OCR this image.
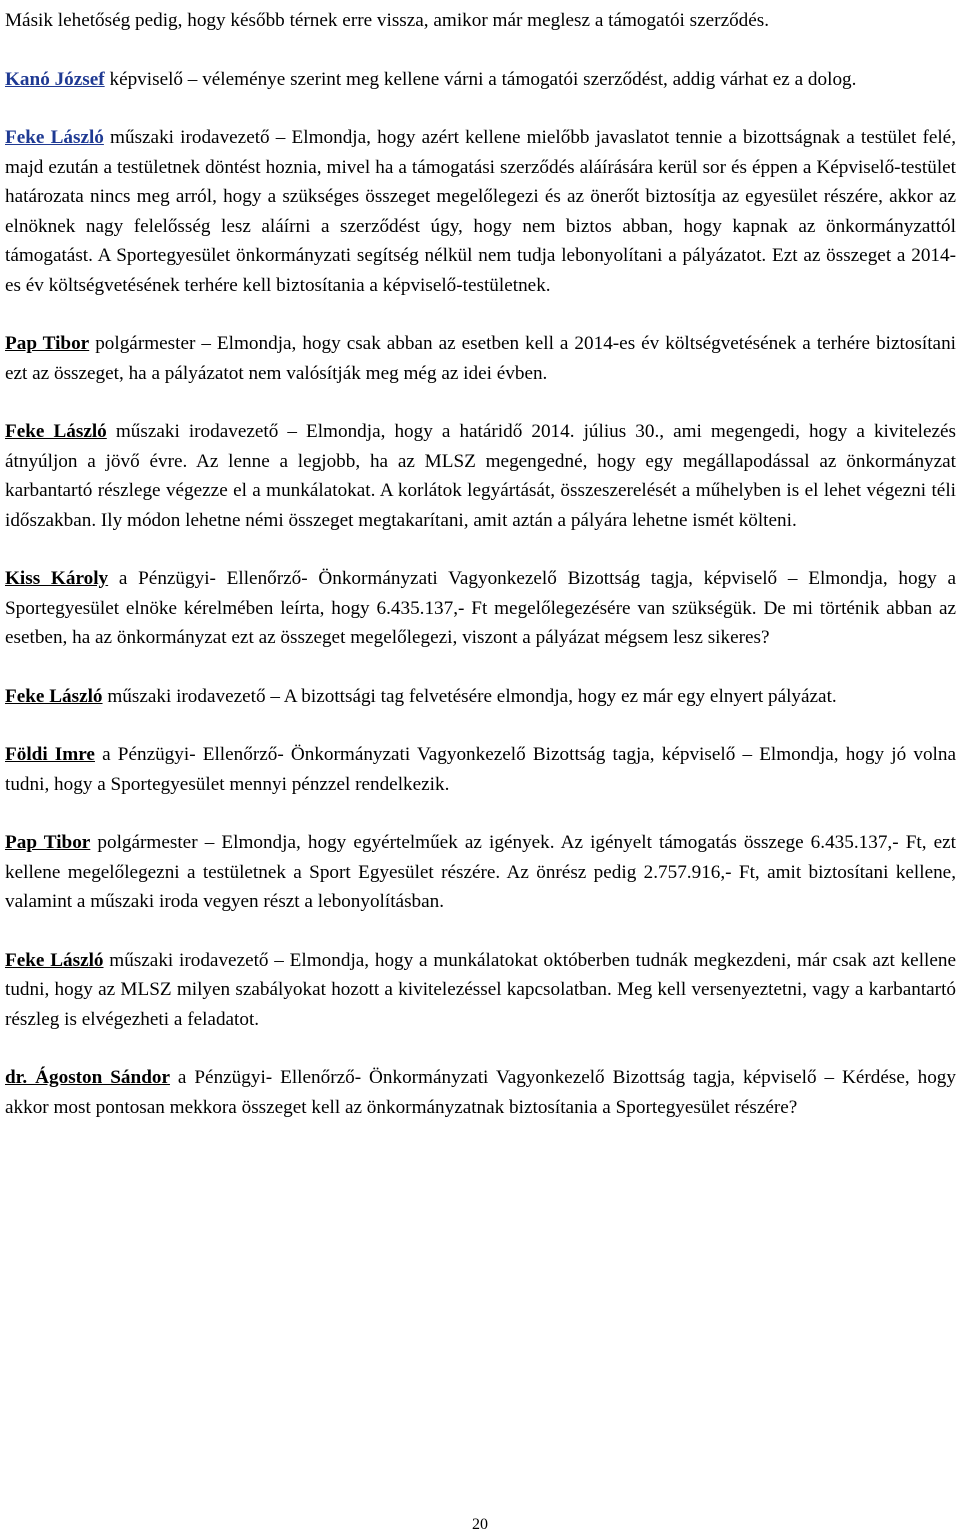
Másik lehetőség pedig, hogy később térnek erre vissza, amikor már meglesz a támogatói szerződés.

Kanó József képviselő – véleménye szerint meg kellene várni a támogatói szerződést, addig várhat ez a dolog.

Feke László műszaki irodavezető – Elmondja, hogy azért kellene mielőbb javaslatot tennie a bizottságnak a testület felé, majd ezután a testületnek döntést hoznia, mivel ha a támogatási szerződés aláírására kerül sor és éppen a Képviselő-testület határozata nincs meg arról, hogy a szükséges összeget megelőlegezi és az önerőt biztosítja az egyesület részére, akkor az elnöknek nagy felelősség lesz aláírni a szerződést úgy, hogy nem biztos abban, hogy kapnak az önkormányzattól támogatást. A Sportegyesület önkormányzati segítség nélkül nem tudja lebonyolítani a pályázatot. Ezt az összeget a 2014-es év költségvetésének terhére kell biztosítania a képviselő-testületnek.

Pap Tibor polgármester – Elmondja, hogy csak abban az esetben kell a 2014-es év költségvetésének a terhére biztosítani ezt az összeget, ha a pályázatot nem valósítják meg még az idei évben.

Feke László műszaki irodavezető – Elmondja, hogy a határidő 2014. július 30., ami megengedi, hogy a kivitelezés átnyúljon a jövő évre. Az lenne a legjobb, ha az MLSZ megengedné, hogy egy megállapodással az önkormányzat karbantartó részlege végezze el a munkálatokat. A korlátok legyártását, összeszerelését a műhelyben is el lehet végezni téli időszakban. Ily módon lehetne némi összeget megtakarítani, amit aztán a pályára lehetne ismét költeni.

Kiss Károly a Pénzügyi- Ellenőrző- Önkormányzati Vagyonkezelő Bizottság tagja, képviselő – Elmondja, hogy a Sportegyesület elnöke kérelmében leírta, hogy 6.435.137,- Ft megelőlegezésére van szükségük. De mi történik abban az esetben, ha az önkormányzat ezt az összeget megelőlegezi, viszont a pályázat mégsem lesz sikeres?

Feke László műszaki irodavezető – A bizottsági tag felvetésére elmondja, hogy ez már egy elnyert pályázat.

Földi Imre a Pénzügyi- Ellenőrző- Önkormányzati Vagyonkezelő Bizottság tagja, képviselő – Elmondja, hogy jó volna tudni, hogy a Sportegyesület mennyi pénzzel rendelkezik.

Pap Tibor polgármester – Elmondja, hogy egyértelműek az igények. Az igényelt támogatás összege 6.435.137,- Ft, ezt kellene megelőlegezni a testületnek a Sport Egyesület részére. Az önrész pedig 2.757.916,- Ft, amit biztosítani kellene, valamint a műszaki iroda vegyen részt a lebonyolításban.

Feke László műszaki irodavezető – Elmondja, hogy a munkálatokat októberben tudnák megkezdeni, már csak azt kellene tudni, hogy az MLSZ milyen szabályokat hozott a kivitelezéssel kapcsolatban. Meg kell versenyeztetni, vagy a karbantartó részleg is elvégezheti a feladatot.

dr. Ágoston Sándor a Pénzügyi- Ellenőrző- Önkormányzati Vagyonkezelő Bizottság tagja, képviselő – Kérdése, hogy akkor most pontosan mekkora összeget kell az önkormányzatnak biztosítania a Sportegyesület részére?

20
